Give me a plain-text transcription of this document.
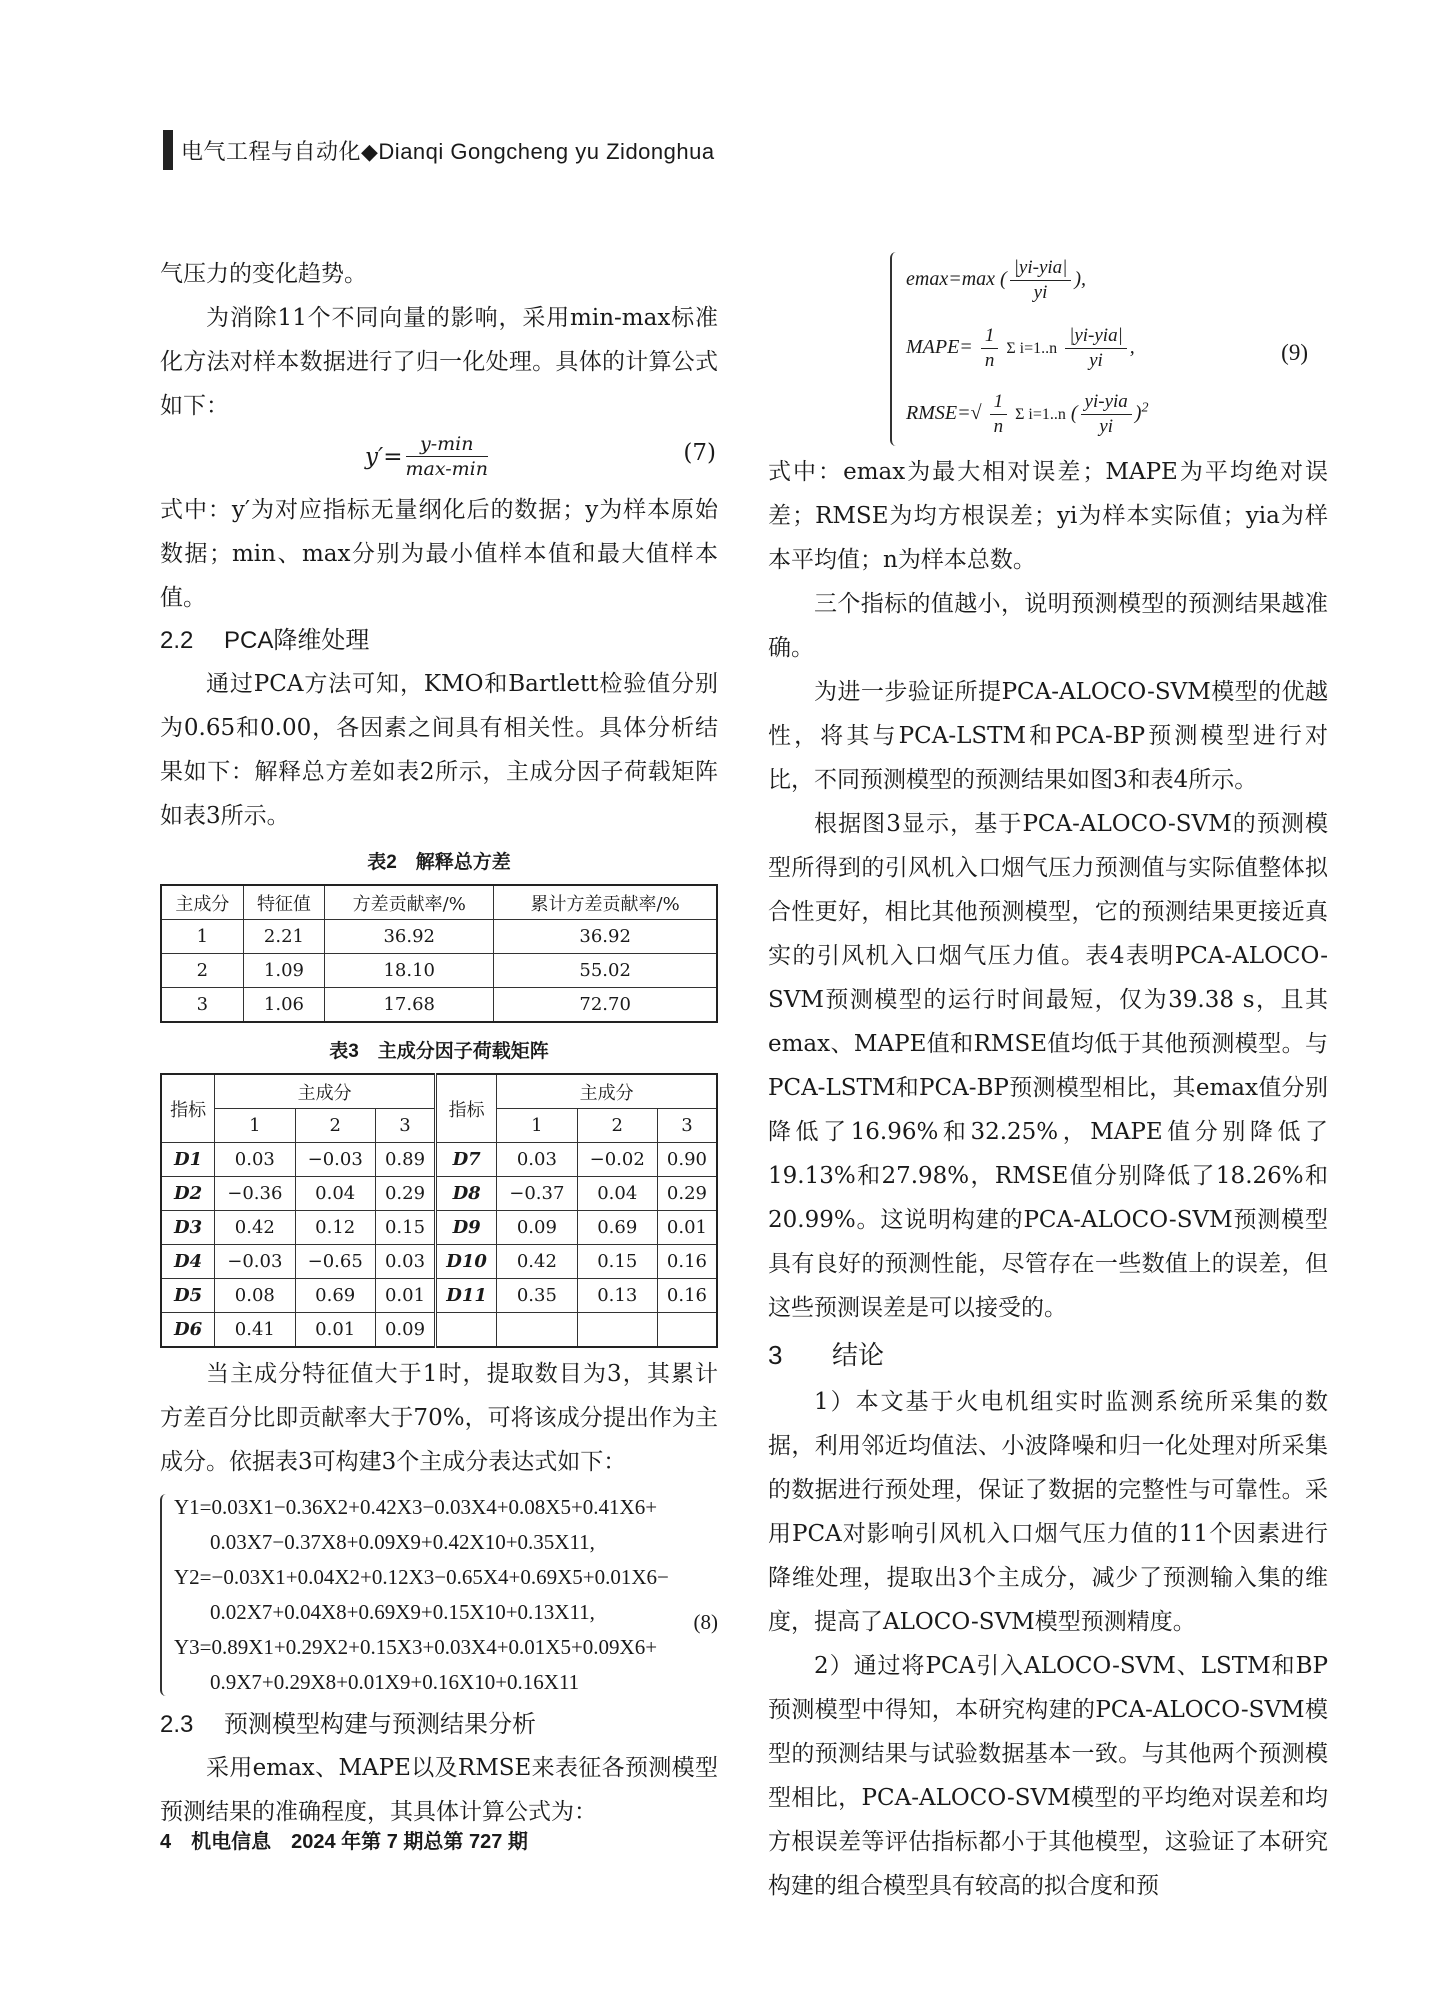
电气工程与自动化◆Dianqi Gongcheng yu Zidonghua

气压力的变化趋势。

为消除11个不同向量的影响，采用min-max标准化方法对样本数据进行了归一化处理。具体的计算公式如下：

$y'= \frac{y-\min}{\max-\min}$	(7)

式中：y′为对应指标无量纲化后的数据；y为样本原始数据；min、max分别为最小值样本值和最大值样本值。

2.2 PCA降维处理

通过PCA方法可知，KMO和Bartlett检验值分别为0.65和0.00，各因素之间具有相关性。具体分析结果如下：解释总方差如表2所示，主成分因子荷载矩阵如表3所示。

表2　解释总方差
主成分	特征值	方差贡献率/%	累计方差贡献率/%
1	2.21	36.92	36.92
2	1.09	18.10	55.02
3	1.06	17.68	72.70
表3　主成分因子荷载矩阵
指标	主成分			指标	主成分		
	1	2	3		1	2	3
D1	0.03	−0.03	0.89	D7	0.03	−0.02	0.90
D2	−0.36	0.04	0.29	D8	−0.37	0.04	0.29
D3	0.42	0.12	0.15	D9	0.09	0.69	0.01
D4	−0.03	−0.65	0.03	D10	0.42	0.15	0.16
D5	0.08	0.69	0.01	D11	0.35	0.13	0.16
D6	0.41	0.01	0.09				

当主成分特征值大于1时，提取数目为3，其累计方差百分比即贡献率大于70%，可将该成分提出作为主成分。依据表3可构建3个主成分表达式如下：

Y1=0.03X1−0.36X2+0.42X3−0.03X4+0.08X5+0.41X6+
0.03X7−0.37X8+0.09X9+0.42X10+0.35X11,
Y2=−0.03X1+0.04X2+0.12X3−0.65X4+0.69X5+0.01X6−
0.02X7+0.04X8+0.69X9+0.15X10+0.13X11,
Y3=0.89X1+0.29X2+0.15X3+0.03X4+0.01X5+0.09X6+
0.9X7+0.29X8+0.01X9+0.16X10+0.16X11
(8)
2.3 预测模型构建与预测结果分析

采用emax、MAPE以及RMSE来表征各预测模型预测结果的准确程度，其具体计算公式为：

emax=max ( $\frac{\text{|yi-yia|}}{yi}$ ),
MAPE= $\frac{1}{n}$ Σ $i=1..n \frac{\text{|yi-yia|}}{yi}$ ,
RMSE=√ $\frac{1}{n}$ Σ i=1..n ( $\frac{\text{yi-yia}}{yi} )^2$
(9)

式中：emax为最大相对误差；MAPE为平均绝对误差；RMSE为均方根误差；yi为样本实际值；yia为样本平均值；n为样本总数。

三个指标的值越小，说明预测模型的预测结果越准确。

为进一步验证所提PCA-ALOCO-SVM模型的优越性，将其与PCA-LSTM和PCA-BP预测模型进行对比，不同预测模型的预测结果如图3和表4所示。

根据图3显示，基于PCA-ALOCO-SVM的预测模型所得到的引风机入口烟气压力预测值与实际值整体拟合性更好，相比其他预测模型，它的预测结果更接近真实的引风机入口烟气压力值。表4表明PCA-ALOCO-SVM预测模型的运行时间最短，仅为39.38 s，且其emax、MAPE值和RMSE值均低于其他预测模型。与PCA-LSTM和PCA-BP预测模型相比，其emax值分别降低了16.96%和32.25%，MAPE值分别降低了19.13%和27.98%，RMSE值分别降低了18.26%和20.99%。这说明构建的PCA-ALOCO-SVM预测模型具有良好的预测性能，尽管存在一些数值上的误差，但这些预测误差是可以接受的。

3 结论

1）本文基于火电机组实时监测系统所采集的数据，利用邻近均值法、小波降噪和归一化处理对所采集的数据进行预处理，保证了数据的完整性与可靠性。采用PCA对影响引风机入口烟气压力值的11个因素进行降维处理，提取出3个主成分，减少了预测输入集的维度，提高了ALOCO-SVM模型预测精度。

2）通过将PCA引入ALOCO-SVM、LSTM和BP预测模型中得知，本研究构建的PCA-ALOCO-SVM模型的预测结果与试验数据基本一致。与其他两个预测模型相比，PCA-ALOCO-SVM模型的平均绝对误差和均方根误差等评估指标都小于其他模型，这验证了本研究构建的组合模型具有较高的拟合度和预

4　机电信息　2024 年第 7 期总第 727 期
